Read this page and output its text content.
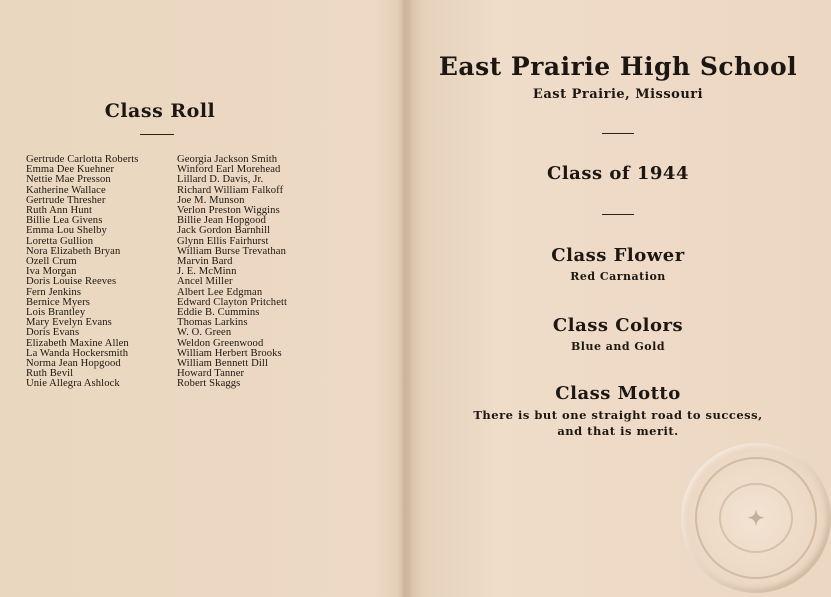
Class Roll
Gertrude Carlotta Roberts
Emma Dee Kuehner
Nettie Mae Presson
Katherine Wallace
Gertrude Thresher
Ruth Ann Hunt
Billie Lea Givens
Emma Lou Shelby
Loretta Gullion
Nora Elizabeth Bryan
Ozell Crum
Iva Morgan
Doris Louise Reeves
Fern Jenkins
Bernice Myers
Lois Brantley
Mary Evelyn Evans
Doris Evans
Elizabeth Maxine Allen
La Wanda Hockersmith
Norma Jean Hopgood
Ruth Bevil
Unie Allegra Ashlock
Georgia Jackson Smith
Winford Earl Morehead
Lillard D. Davis, Jr.
Richard William Falkoff
Joe M. Munson
Verlon Preston Wiggins
Billie Jean Hopgood
Jack Gordon Barnhill
Glynn Ellis Fairhurst
William Burse Trevathan
Marvin Bard
J. E. McMinn
Ancel Miller
Albert Lee Edgman
Edward Clayton Pritchett
Eddie B. Cummins
Thomas Larkins
W. O. Green
Weldon Greenwood
William Herbert Brooks
William Bennett Dill
Howard Tanner
Robert Skaggs
East Prairie High School
East Prairie, Missouri
Class of 1944
Class Flower
Red Carnation
Class Colors
Blue and Gold
Class Motto
There is but one straight road to success,
and that is merit.
✦
